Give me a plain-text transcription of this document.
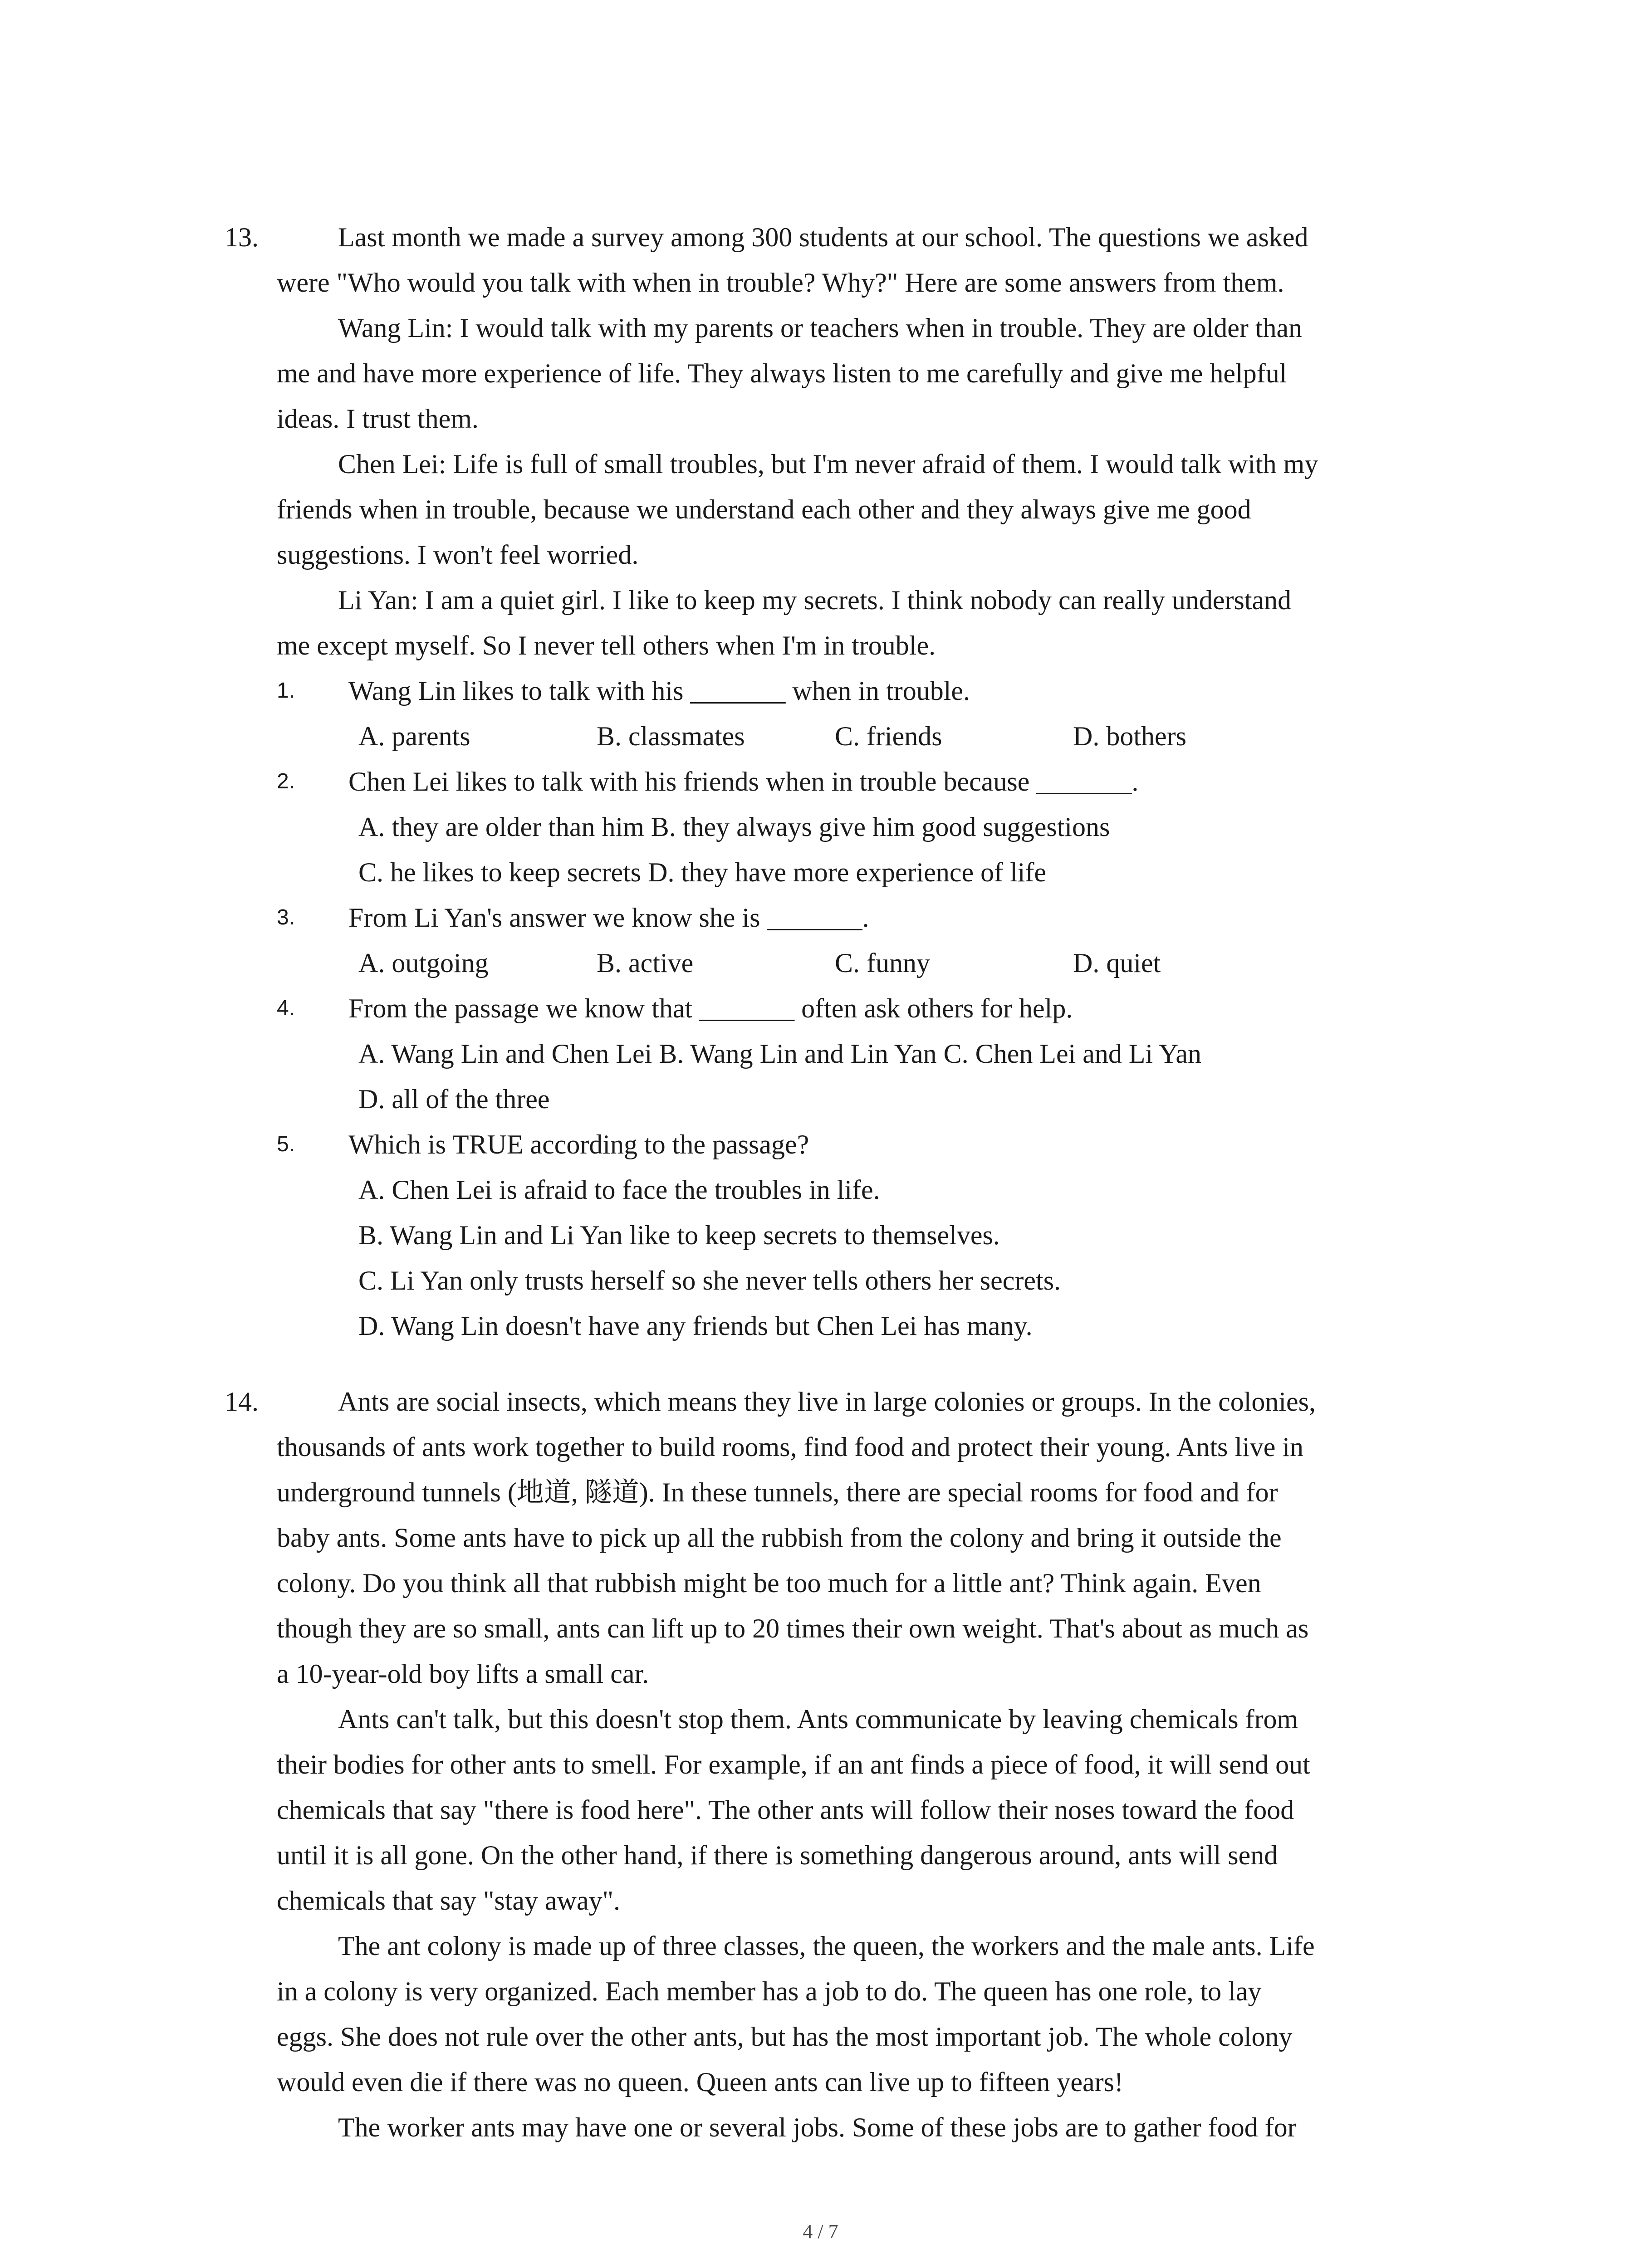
13.	Last month we made a survey among 300 students at our school. The questions we asked
were "Who would you talk with when in trouble? Why?" Here are some answers from them.
Wang Lin: I would talk with my parents or teachers when in trouble. They are older than
me and have more experience of life. They always listen to me carefully and give me helpful
ideas. I trust them.
Chen Lei: Life is full of small troubles, but I'm never afraid of them. I would talk with my
friends when in trouble, because we understand each other and they always give me good
suggestions. I won't feel worried.
Li Yan: I am a quiet girl. I like to keep my secrets. I think nobody can really understand
me except myself. So I never tell others when I'm in trouble.
1. Wang Lin likes to talk with his _______ when in trouble.
A. parents	B. classmates	C. friends	D. bothers
2. Chen Lei likes to talk with his friends when in trouble because _______.
A. they are older than him B. they always give him good suggestions
C. he likes to keep secrets D. they have more experience of life
3. From Li Yan's answer we know she is _______.
A. outgoing	B. active	C. funny	D. quiet
4. From the passage we know that _______ often ask others for help.
A. Wang Lin and Chen Lei B. Wang Lin and Lin Yan C. Chen Lei and Li Yan
D. all of the three
5. Which is TRUE according to the passage?
A. Chen Lei is afraid to face the troubles in life.
B. Wang Lin and Li Yan like to keep secrets to themselves.
C. Li Yan only trusts herself so she never tells others her secrets.
D. Wang Lin doesn't have any friends but Chen Lei has many.
14.	Ants are social insects, which means they live in large colonies or groups. In the colonies,
thousands of ants work together to build rooms, find food and protect their young. Ants live in
underground tunnels (地道, 隧道). In these tunnels, there are special rooms for food and for
baby ants. Some ants have to pick up all the rubbish from the colony and bring it outside the
colony. Do you think all that rubbish might be too much for a little ant? Think again. Even
though they are so small, ants can lift up to 20 times their own weight. That's about as much as
a 10-year-old boy lifts a small car.
Ants can't talk, but this doesn't stop them. Ants communicate by leaving chemicals from
their bodies for other ants to smell. For example, if an ant finds a piece of food, it will send out
chemicals that say "there is food here". The other ants will follow their noses toward the food
until it is all gone. On the other hand, if there is something dangerous around, ants will send
chemicals that say "stay away".
The ant colony is made up of three classes, the queen, the workers and the male ants. Life
in a colony is very organized. Each member has a job to do. The queen has one role, to lay
eggs. She does not rule over the other ants, but has the most important job. The whole colony
would even die if there was no queen. Queen ants can live up to fifteen years!
The worker ants may have one or several jobs. Some of these jobs are to gather food for
4 / 7
